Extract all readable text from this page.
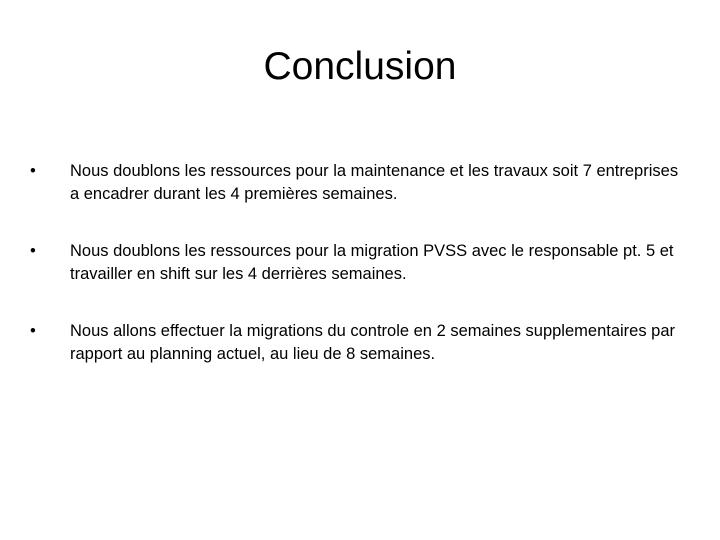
Conclusion
•	Nous doublons les ressources pour la maintenance et les travaux soit 7 entreprises a encadrer durant les 4 premières semaines.
•	Nous doublons les ressources pour la migration PVSS avec le responsable pt. 5 et travailler en shift sur les 4 derrières semaines.
•	Nous allons effectuer la migrations du controle en 2 semaines supplementaires par rapport au planning actuel, au lieu de 8 semaines.
